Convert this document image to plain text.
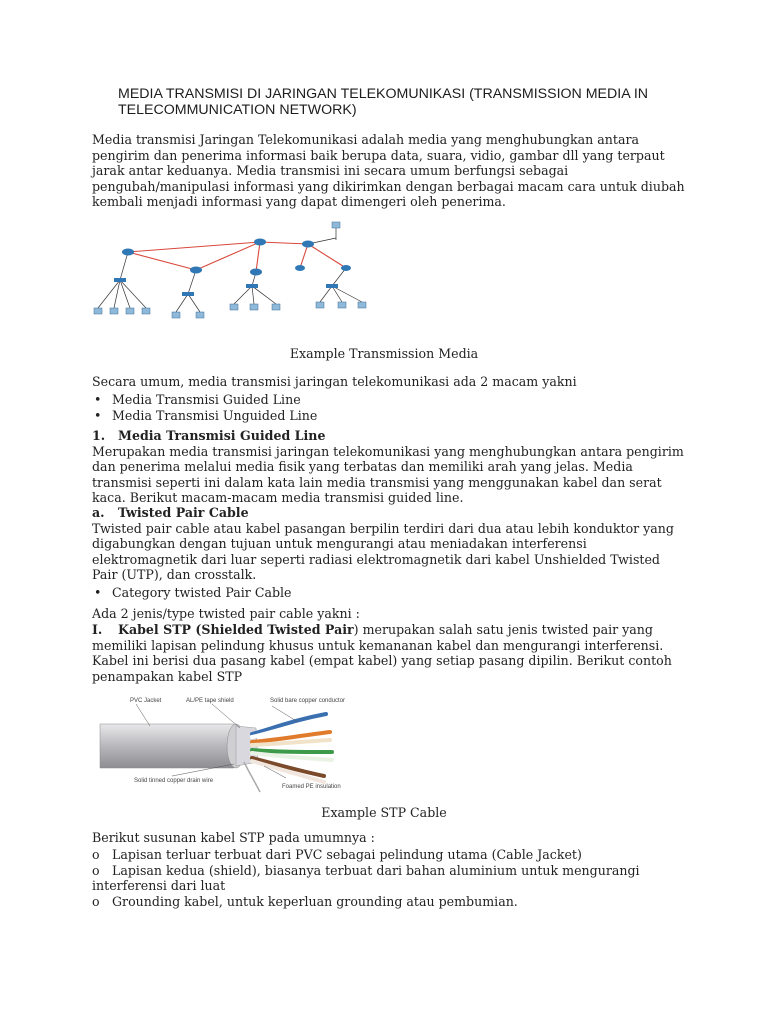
MEDIA TRANSMISI DI JARINGAN TELEKOMUNIKASI (TRANSMISSION MEDIA IN TELECOMMUNICATION NETWORK)
Media transmisi Jaringan Telekomunikasi adalah media yang menghubungkan antara pengirim dan penerima informasi baik berupa data, suara, vidio, gambar dll yang terpaut jarak antar keduanya. Media transmisi ini secara umum berfungsi sebagai pengubah/manipulasi informasi yang dikirimkan dengan berbagai macam cara untuk diubah kembali menjadi informasi yang dapat dimengeri oleh penerima.
Example Transmission Media
Secara umum, media transmisi jaringan telekomunikasi ada 2 macam yakni
• Media Transmisi Guided Line
• Media Transmisi Unguided Line
1. Media Transmisi Guided Line
Merupakan media transmisi jaringan telekomunikasi yang menghubungkan antara pengirim dan penerima melalui media fisik yang terbatas dan memiliki arah yang jelas. Media transmisi seperti ini dalam kata lain media transmisi yang menggunakan kabel dan serat kaca. Berikut macam-macam media transmisi guided line.
a. Twisted Pair Cable
Twisted pair cable atau kabel pasangan berpilin terdiri dari dua atau lebih konduktor yang digabungkan dengan tujuan untuk mengurangi atau meniadakan interferensi elektromagnetik dari luar seperti radiasi elektromagnetik dari kabel Unshielded Twisted Pair (UTP), dan crosstalk.
• Category twisted Pair Cable
Ada 2 jenis/type twisted pair cable yakni :
I. Kabel STP (Shielded Twisted Pair) merupakan salah satu jenis twisted pair yang memiliki lapisan pelindung khusus untuk kemananan kabel dan mengurangi interferensi. Kabel ini berisi dua pasang kabel (empat kabel) yang setiap pasang dipilin. Berikut contoh penampakan kabel STP
PVC Jacket	AL/PE tape shield	Solid bare copper conductor
Solid tinned copper drain wire
Foamed PE insulation
Example STP Cable
Berikut susunan kabel STP pada umumnya :
o Lapisan terluar terbuat dari PVC sebagai pelindung utama (Cable Jacket)
o Lapisan kedua (shield), biasanya terbuat dari bahan aluminium untuk mengurangi interferensi dari luat
o Grounding kabel, untuk keperluan grounding atau pembumian.
